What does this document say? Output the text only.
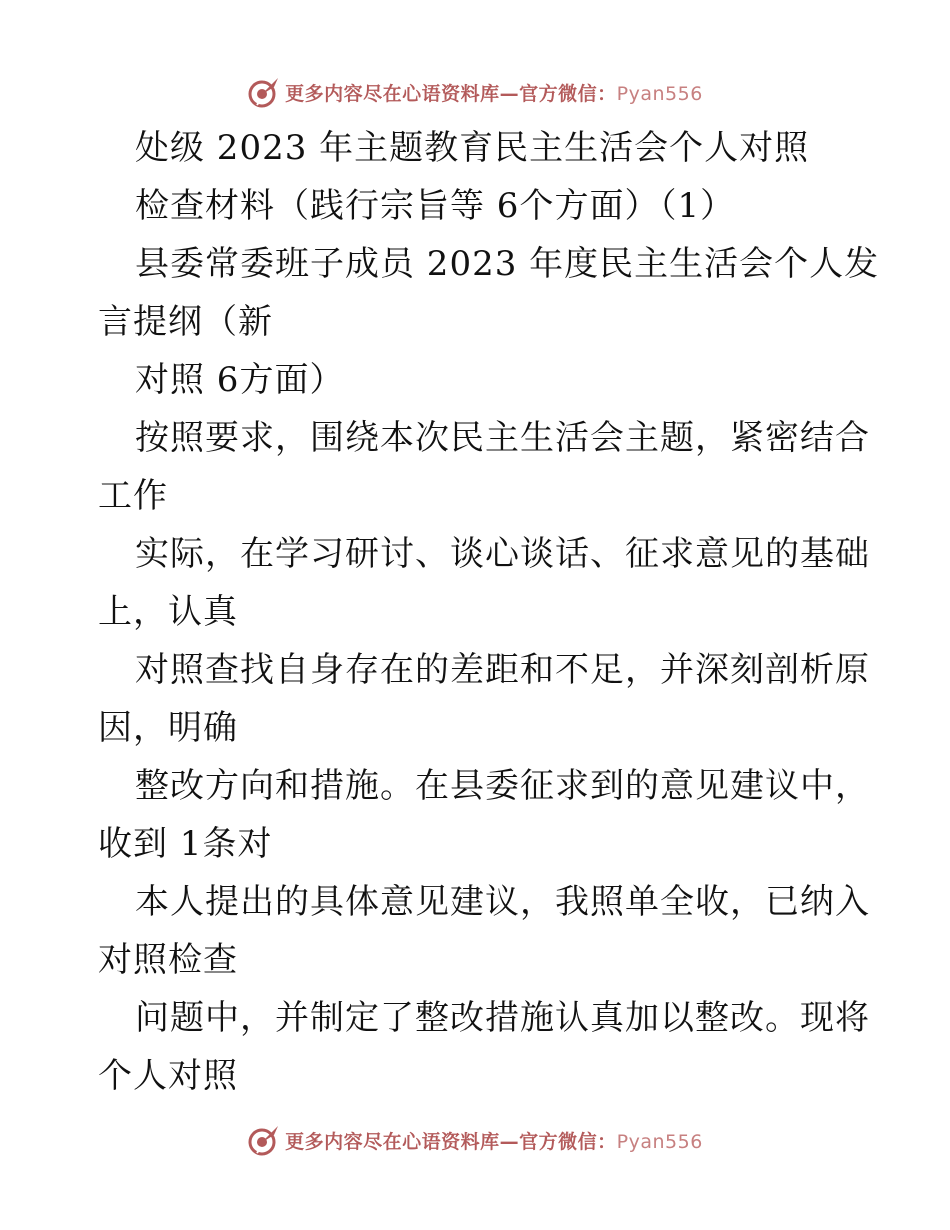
更多内容尽在心语资料库—官方微信：Pyan556
处级 2023 年主题教育民主生活会个人对照
检查材料（践行宗旨等 6个方面）（1）
县委常委班子成员 2023 年度民主生活会个人发
言提纲（新
对照 6方面）
按照要求，围绕本次民主生活会主题，紧密结合
工作
实际，在学习研讨、谈心谈话、征求意见的基础
上，认真
对照查找自身存在的差距和不足，并深刻剖析原
因，明确
整改方向和措施。在县委征求到的意见建议中，
收到 1条对
本人提出的具体意见建议，我照单全收，已纳入
对照检查
问题中，并制定了整改措施认真加以整改。现将
个人对照
更多内容尽在心语资料库—官方微信：Pyan556
